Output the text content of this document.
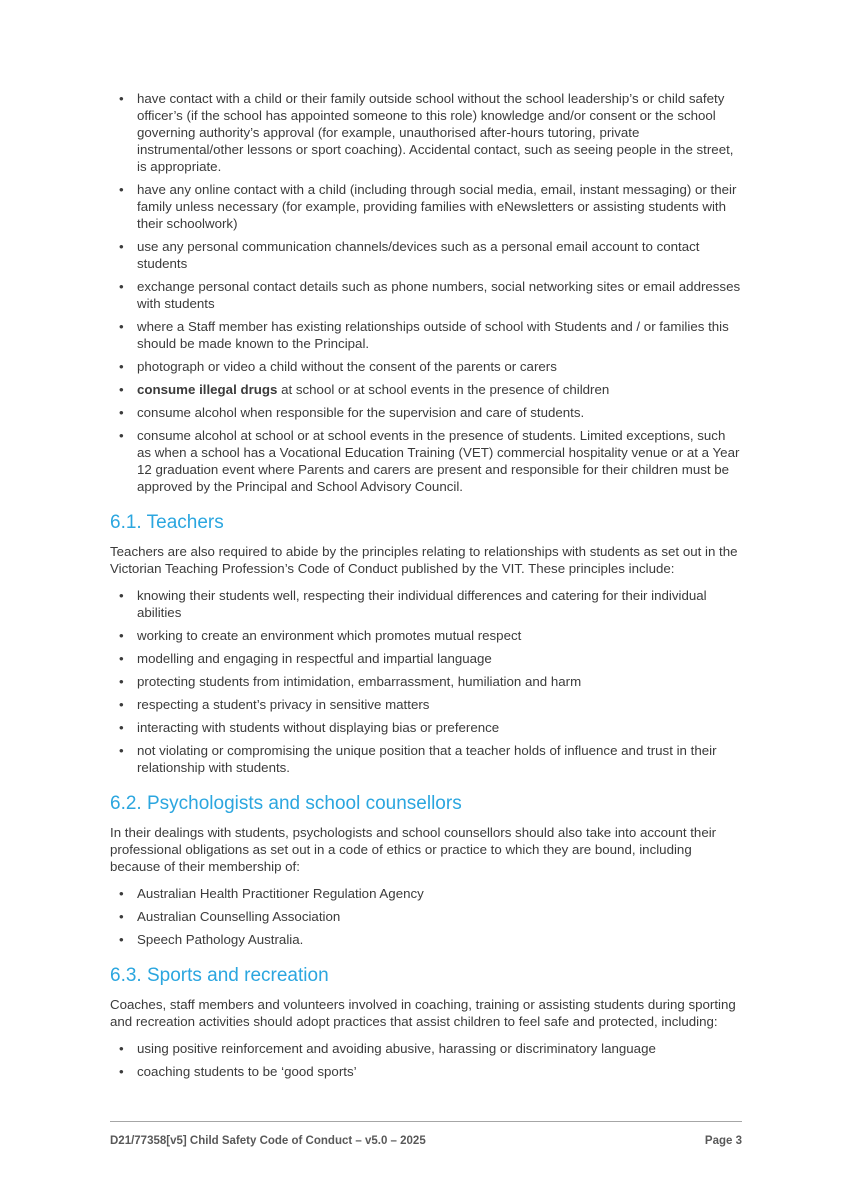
• have contact with a child or their family outside school without the school leadership’s or child safety officer’s (if the school has appointed someone to this role) knowledge and/or consent or the school governing authority’s approval (for example, unauthorised after-hours tutoring, private instrumental/other lessons or sport coaching). Accidental contact, such as seeing people in the street, is appropriate.
• have any online contact with a child (including through social media, email, instant messaging) or their family unless necessary (for example, providing families with eNewsletters or assisting students with their schoolwork)
• use any personal communication channels/devices such as a personal email account to contact students
• exchange personal contact details such as phone numbers, social networking sites or email addresses with students
• where a Staff member has existing relationships outside of school with Students and / or families this should be made known to the Principal.
• photograph or video a child without the consent of the parents or carers
• consume illegal drugs at school or at school events in the presence of children
• consume alcohol when responsible for the supervision and care of students.
• consume alcohol at school or at school events in the presence of students. Limited exceptions, such as when a school has a Vocational Education Training (VET) commercial hospitality venue or at a Year 12 graduation event where Parents and carers are present and responsible for their children must be approved by the Principal and School Advisory Council.
6.1. Teachers

Teachers are also required to abide by the principles relating to relationships with students as set out in the Victorian Teaching Profession’s Code of Conduct published by the VIT. These principles include:

• knowing their students well, respecting their individual differences and catering for their individual abilities
• working to create an environment which promotes mutual respect
• modelling and engaging in respectful and impartial language
• protecting students from intimidation, embarrassment, humiliation and harm
• respecting a student’s privacy in sensitive matters
• interacting with students without displaying bias or preference
• not violating or compromising the unique position that a teacher holds of influence and trust in their relationship with students.
6.2. Psychologists and school counsellors

In their dealings with students, psychologists and school counsellors should also take into account their professional obligations as set out in a code of ethics or practice to which they are bound, including because of their membership of:

• Australian Health Practitioner Regulation Agency
• Australian Counselling Association
• Speech Pathology Australia.
6.3. Sports and recreation

Coaches, staff members and volunteers involved in coaching, training or assisting students during sporting and recreation activities should adopt practices that assist children to feel safe and protected, including:

• using positive reinforcement and avoiding abusive, harassing or discriminatory language
• coaching students to be ‘good sports’
D21/77358[v5] Child Safety Code of Conduct – v5.0 – 2025	Page 3
